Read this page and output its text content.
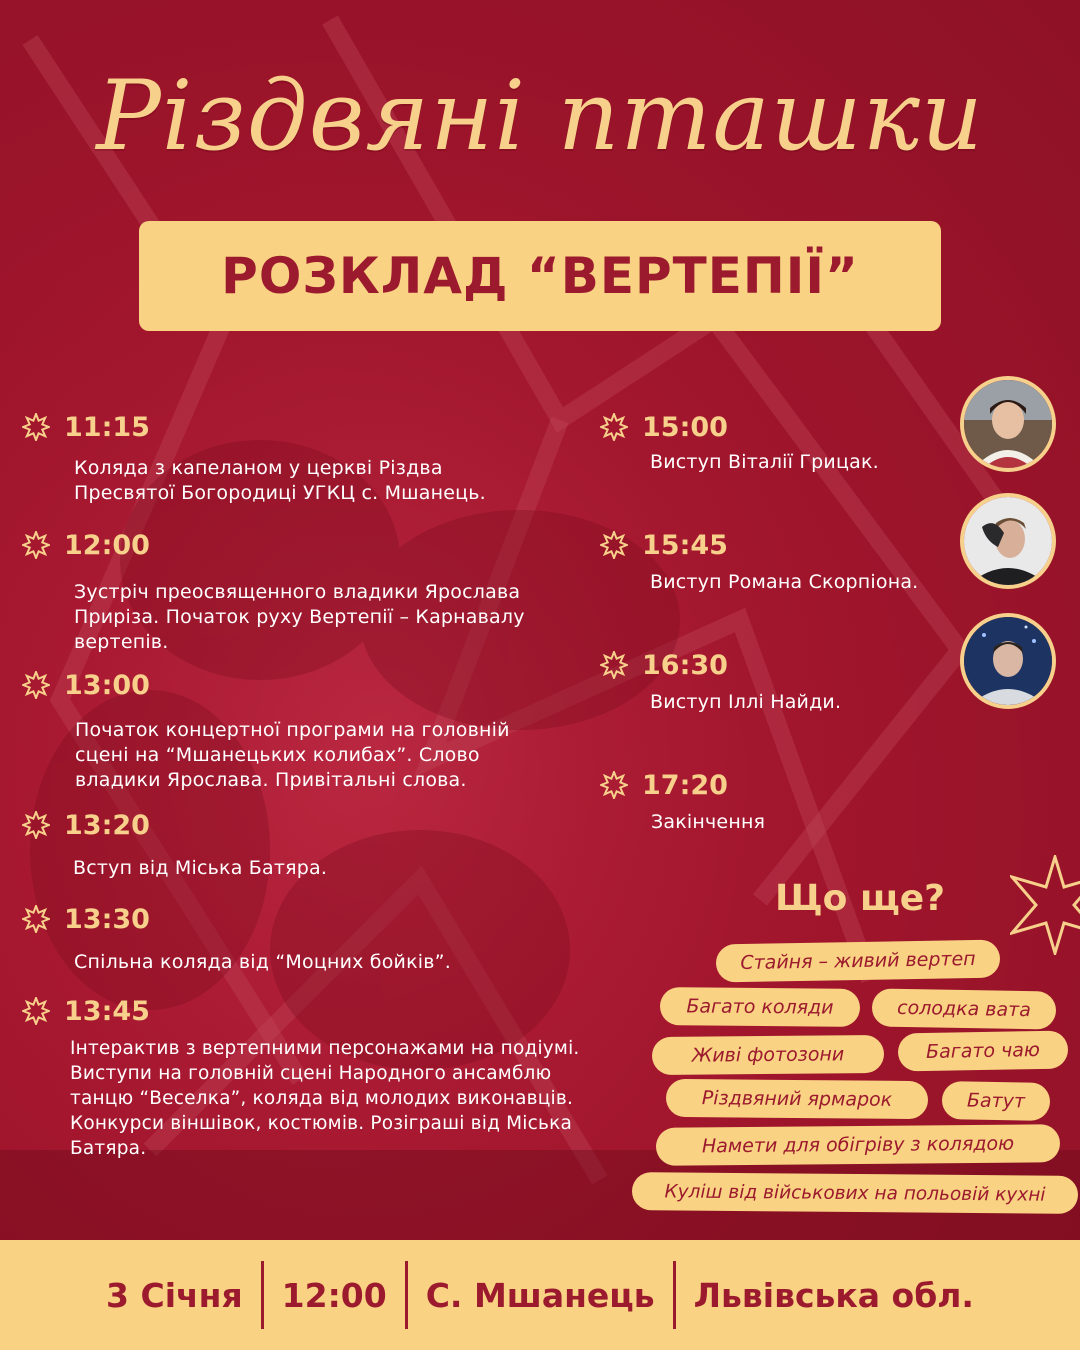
Різдвяні пташки
РОЗКЛАД “ВЕРТЕПІЇ”
11:15
Коляда з капеланом у церкві Різдва
Пресвятої Богородиці УГКЦ с. Мшанець.
12:00
Зустріч преосвященного владики Ярослава
Приріза. Початок руху Вертепії – Карнавалу
вертепів.
13:00
Початок концертної програми на головній
сцені на “Мшанецьких колибах”. Слово
владики Ярослава. Привітальні слова.
13:20
Вступ від Міська Батяра.
13:30
Спільна коляда від “Моцних бойків”.
13:45
Інтерактив з вертепними персонажами на подіумі.
Виступи на головній сцені Народного ансамблю
танцю “Веселка”, коляда від молодих виконавців.
Конкурси віншівок, костюмів. Розіграші від Міська
Батяра.
15:00
Виступ Віталії Грицак.
15:45
Виступ Романа Скорпіона.
16:30
Виступ Іллі Найди.
17:20
Закінчення
Що ще?
Стайня – живий вертеп
Багато коляди	солодка вата
Живі фотозони	Багато чаю
Різдвяний ярмарок	Батут
Намети для обігріву з колядою
Куліш від військових на польовій кухні
3 Січня	12:00	С. Мшанець	Львівська обл.
